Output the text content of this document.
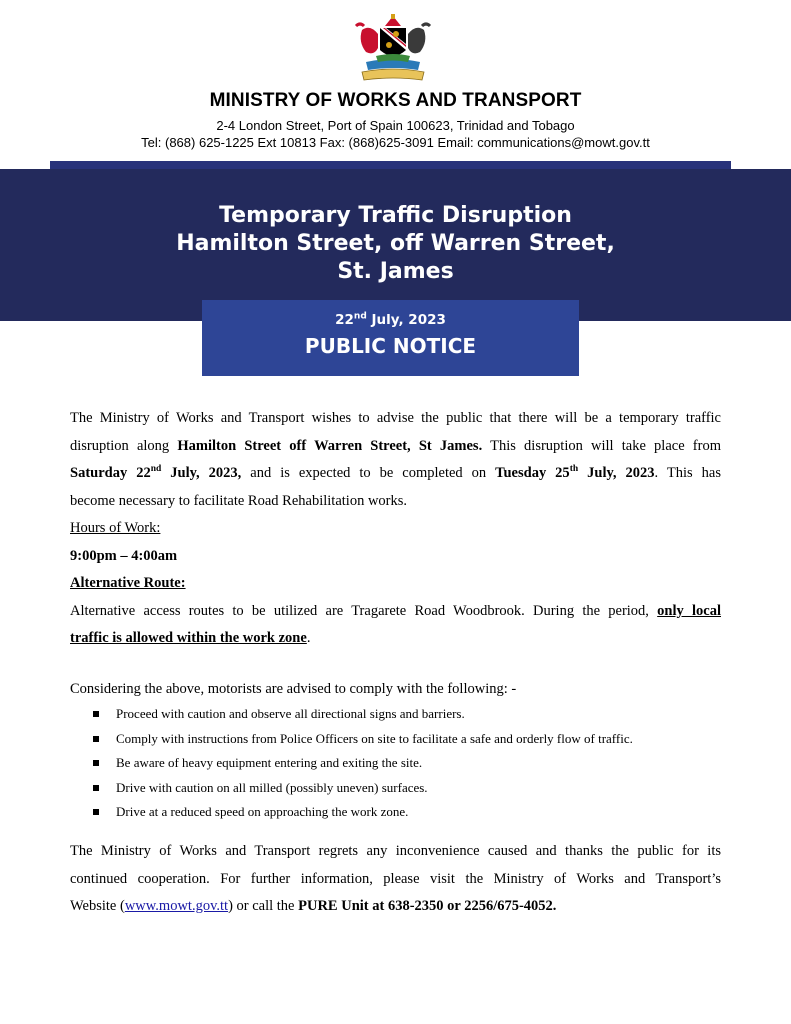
MINISTRY OF WORKS AND TRANSPORT
2-4 London Street, Port of Spain 100623, Trinidad and Tobago
Tel: (868) 625-1225 Ext 10813 Fax: (868)625-3091 Email: communications@mowt.gov.tt
Temporary Traffic Disruption
Hamilton Street, off Warren Street,
St. James
22nd July, 2023
PUBLIC NOTICE
The Ministry of Works and Transport wishes to advise the public that there will be a temporary traffic
disruption along Hamilton Street off Warren Street, St James. This disruption will take place from
Saturday 22nd July, 2023, and is expected to be completed on Tuesday 25th July, 2023. This has
become necessary to facilitate Road Rehabilitation works.
Hours of Work:
9:00pm – 4:00am
Alternative Route:
Alternative access routes to be utilized are Tragarete Road Woodbrook. During the period, only local
traffic is allowed within the work zone.
Considering the above, motorists are advised to comply with the following: -
Proceed with caution and observe all directional signs and barriers.
Comply with instructions from Police Officers on site to facilitate a safe and orderly flow of traffic.
Be aware of heavy equipment entering and exiting the site.
Drive with caution on all milled (possibly uneven) surfaces.
Drive at a reduced speed on approaching the work zone.
The Ministry of Works and Transport regrets any inconvenience caused and thanks the public for its
continued cooperation. For further information, please visit the Ministry of Works and Transport’s
Website (www.mowt.gov.tt) or call the PURE Unit at 638-2350 or 2256/675-4052.
